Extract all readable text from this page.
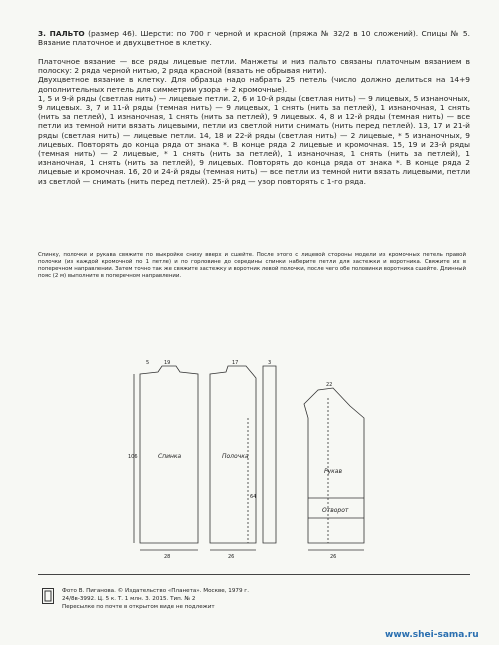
3. ПАЛЬТО (размер 46). Шерсти: по 700 г черной и красной (пряжа № 32/2 в 10 сложений). Спицы № 5. Вязание платочное и двухцветное в клетку.
Платочное вязание — все ряды лицевые петли. Манжеты и низ пальто связаны платочным вязанием в полоску: 2 ряда черной нитью, 2 ряда красной (вязать не обрывая нити).
Двухцветное вязание в клетку. Для образца надо набрать 25 петель (число должно делиться на 14+9 дополнительных петель для симметрии узора + 2 кромочные).
1, 5 и 9-й ряды (светлая нить) — лицевые петли. 2, 6 и 10-й ряды (светлая нить) — 9 лицевых, 5 изнаночных, 9 лицевых. 3, 7 и 11-й ряды (темная нить) — 9 лицевых, 1 снять (нить за петлей), 1 изнаночная, 1 снять (нить за петлей), 1 изнаночная, 1 снять (нить за петлей), 9 лицевых. 4, 8 и 12-й ряды (темная нить) — все петли из темной нити вязать лицевыми, петли из светлой нити снимать (нить перед петлей). 13, 17 и 21-й ряды (светлая нить) — лицевые петли. 14, 18 и 22-й ряды (светлая нить) — 2 лицевые, * 5 изнаночных, 9 лицевых. Повторять до конца ряда от знака *. В конце ряда 2 лицевые и кромочная. 15, 19 и 23-й ряды (темная нить) — 2 лицевые, * 1 снять (нить за петлей), 1 изнаночная, 1 снять (нить за петлей), 1 изнаночная, 1 снять (нить за петлей), 9 лицевых. Повторять до конца ряда от знака *. В конце ряда 2 лицевые и кромочная. 16, 20 и 24-й ряды (темная нить) — все петли из темной нити вязать лицевыми, петли из светлой — снимать (нить перед петлей). 25-й ряд — узор повторять с 1-го ряда.
Спинку, полочки и рукава свяжите по выкройке снизу вверх и сшейте. После этого с лицевой стороны модели из кромочных петель правой полочки (из каждой кромочной по 1 петле) и по горловине до середины спинки наберите петли для застежки и воротника. Свяжите их в поперечном направлении. Затем точно так же свяжите застежку и воротник левой полочки, после чего обе половинки воротника сшейте. Длинный пояс (2 м) выполните в поперечном направлении.
Спинка	Полочка
Рукав
Отворот
5	19
106
28	26
17	3
64
22
26
Фото В. Пиганова. © Издательство «Планета». Москве, 1979 г.
24/8в-3992. Ц. 5 к. Т. 1 млн. 3. 2015. Тип. № 2
Пересылке по почте в открытом виде не подлежит
www.shei-sama.ru
